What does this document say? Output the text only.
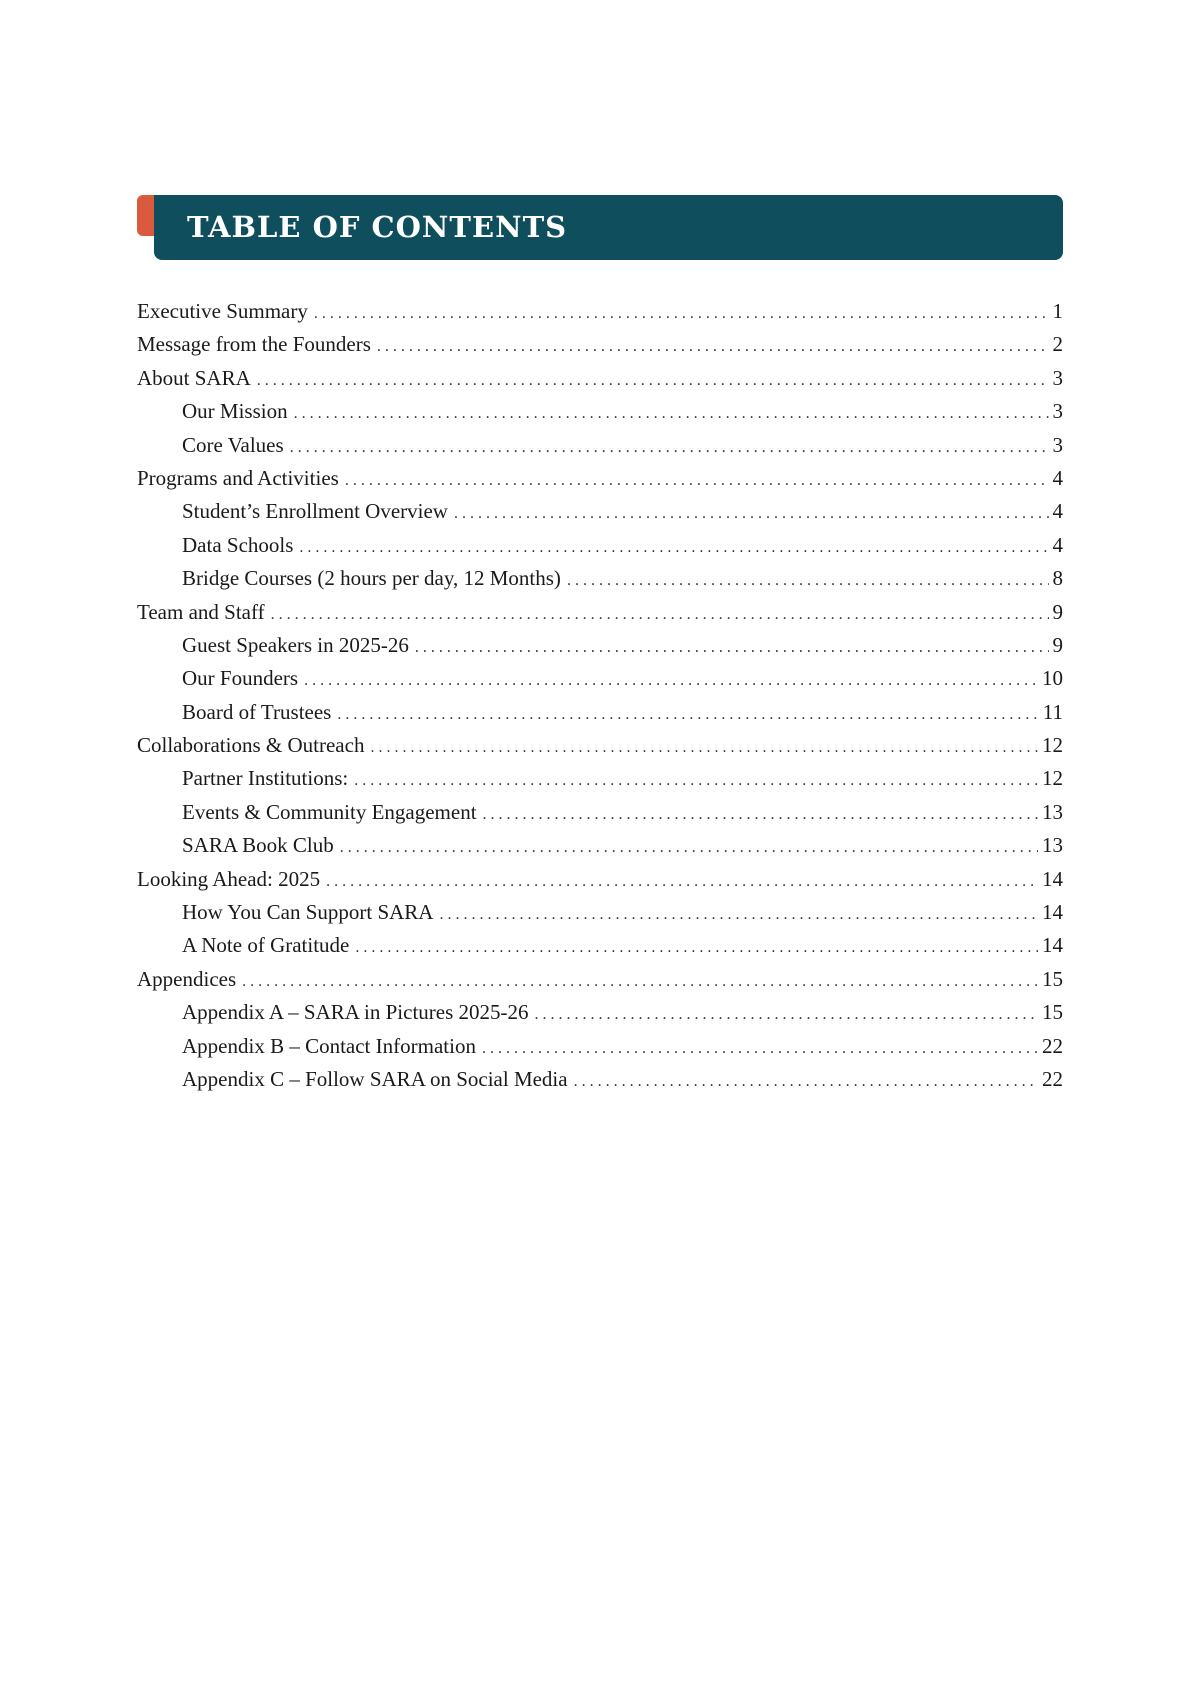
TABLE OF CONTENTS
Executive Summary . . .	1
Message from the Founders . . .	2
About SARA . . .	3
Our Mission . . .	3
Core Values . . .	3
Programs and Activities . . .	4
Student’s Enrollment Overview . . .	4
Data Schools . . .	4
Bridge Courses (2 hours per day, 12 Months) . . .	8
Team and Staff . . .	9
Guest Speakers in 2025-26 . . .	9
Our Founders . . .	10
Board of Trustees . . .	11
Collaborations & Outreach . . .	12
Partner Institutions: . . .	12
Events & Community Engagement . . .	13
SARA Book Club . . .	13
Looking Ahead: 2025 . . .	14
How You Can Support SARA . . .	14
A Note of Gratitude . . .	14
Appendices . . .	15
Appendix A – SARA in Pictures 2025-26 . . .	15
Appendix B – Contact Information . . .	22
Appendix C – Follow SARA on Social Media . . .	22
